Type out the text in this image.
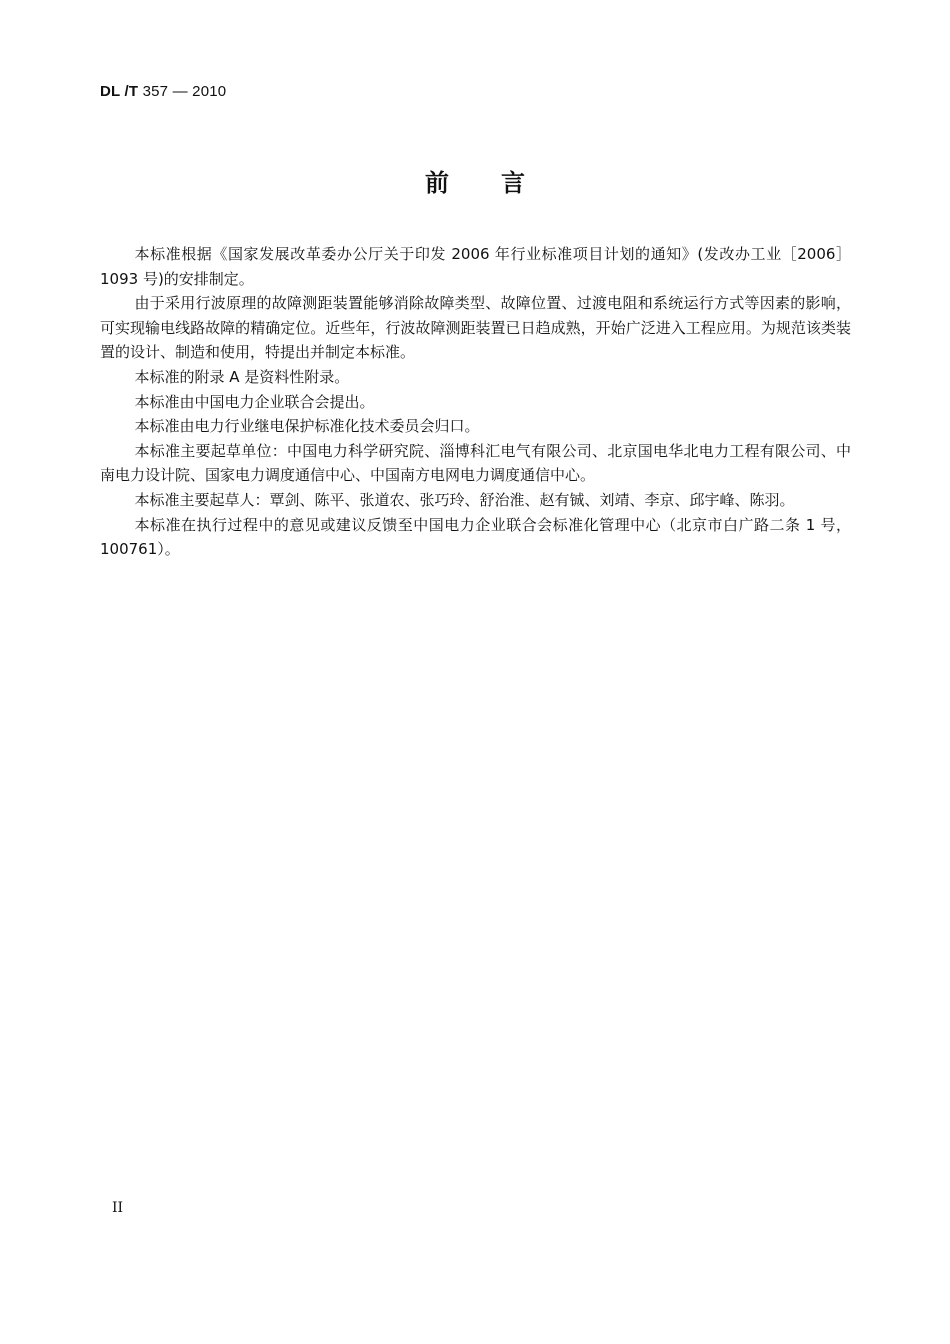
DL /T 357 — 2010
前言

本标准根据《国家发展改革委办公厅关于印发 2006 年行业标准项目计划的通知》(发改办工业［2006］1093 号)的安排制定。

由于采用行波原理的故障测距装置能够消除故障类型、故障位置、过渡电阻和系统运行方式等因素的影响，可实现输电线路故障的精确定位。近些年，行波故障测距装置已日趋成熟，开始广泛进入工程应用。为规范该类装置的设计、制造和使用，特提出并制定本标准。

本标准的附录 A 是资料性附录。

本标准由中国电力企业联合会提出。

本标准由电力行业继电保护标准化技术委员会归口。

本标准主要起草单位：中国电力科学研究院、淄博科汇电气有限公司、北京国电华北电力工程有限公司、中南电力设计院、国家电力调度通信中心、中国南方电网电力调度通信中心。

本标准主要起草人：覃剑、陈平、张道农、张巧玲、舒治淮、赵有铖、刘靖、李京、邱宇峰、陈羽。

本标准在执行过程中的意见或建议反馈至中国电力企业联合会标准化管理中心（北京市白广路二条 1 号，100761）。

II
